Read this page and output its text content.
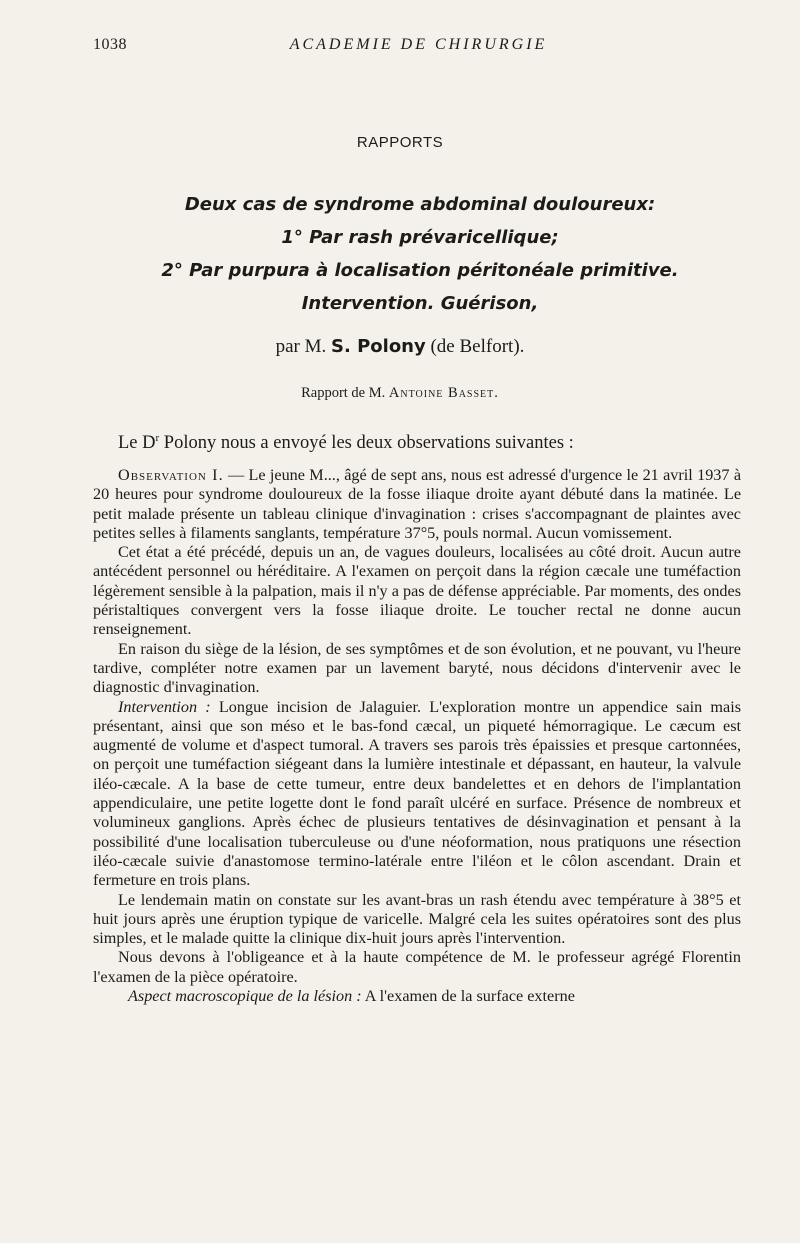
1038	ACADEMIE DE CHIRURGIE
RAPPORTS
Deux cas de syndrome abdominal douloureux:
1° Par rash prévaricellique;
2° Par purpura à localisation péritonéale primitive.
Intervention. Guérison,
par M. S. Polony (de Belfort).
Rapport de M. Antoine Basset.
Le $D^r$ Polony nous a envoyé les deux observations suivantes :

Observation I. — Le jeune M..., âgé de sept ans, nous est adressé d'urgence le 21 avril 1937 à 20 heures pour syndrome douloureux de la fosse iliaque droite ayant débuté dans la matinée. Le petit malade présente un tableau clinique d'invagination : crises s'accompagnant de plaintes avec petites selles à filaments sanglants, température 37°5, pouls normal. Aucun vomissement.

Cet état a été précédé, depuis un an, de vagues douleurs, localisées au côté droit. Aucun autre antécédent personnel ou héréditaire. A l'examen on perçoit dans la région cæcale une tuméfaction légèrement sensible à la palpation, mais il n'y a pas de défense appréciable. Par moments, des ondes péristaltiques convergent vers la fosse iliaque droite. Le toucher rectal ne donne aucun renseignement.

En raison du siège de la lésion, de ses symptômes et de son évolution, et ne pouvant, vu l'heure tardive, compléter notre examen par un lavement baryté, nous décidons d'intervenir avec le diagnostic d'invagination.

Intervention : Longue incision de Jalaguier. L'exploration montre un appendice sain mais présentant, ainsi que son méso et le bas-fond cæcal, un piqueté hémorragique. Le cæcum est augmenté de volume et d'aspect tumoral. A travers ses parois très épaissies et presque cartonnées, on perçoit une tuméfaction siégeant dans la lumière intestinale et dépassant, en hauteur, la valvule iléo-cæcale. A la base de cette tumeur, entre deux bandelettes et en dehors de l'implantation appendiculaire, une petite logette dont le fond paraît ulcéré en surface. Présence de nombreux et volumineux ganglions. Après échec de plusieurs tentatives de désinvagination et pensant à la possibilité d'une localisation tuberculeuse ou d'une néoformation, nous pratiquons une résection iléo-cæcale suivie d'anastomose termino-latérale entre l'iléon et le côlon ascendant. Drain et fermeture en trois plans.

Le lendemain matin on constate sur les avant-bras un rash étendu avec température à 38°5 et huit jours après une éruption typique de varicelle. Malgré cela les suites opératoires sont des plus simples, et le malade quitte la clinique dix-huit jours après l'intervention.

Nous devons à l'obligeance et à la haute compétence de M. le professeur agrégé Florentin l'examen de la pièce opératoire.

Aspect macroscopique de la lésion : A l'examen de la surface externe
